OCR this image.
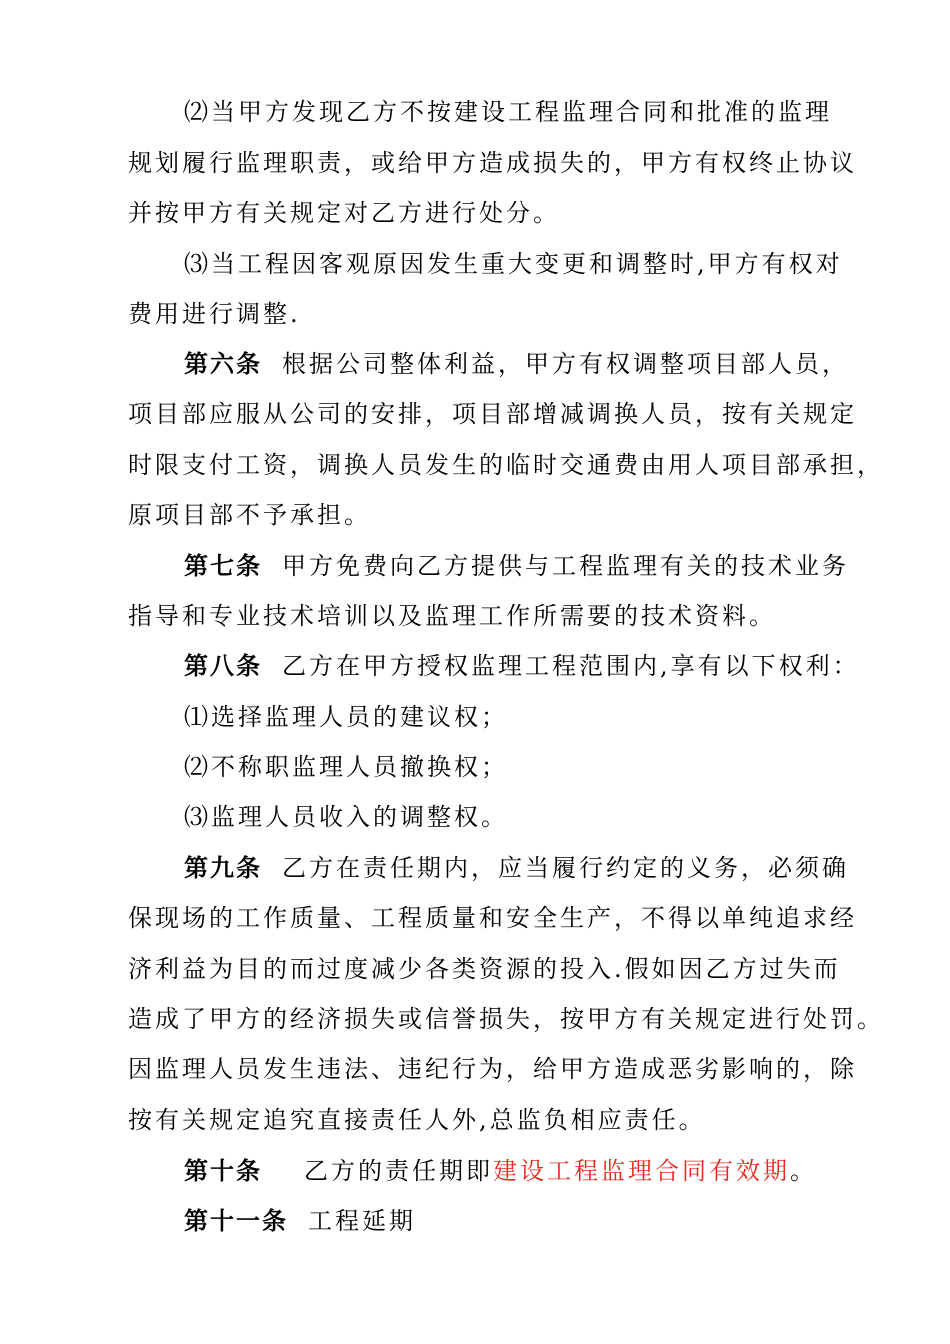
⑵当甲方发现乙方不按建设工程监理合同和批准的监理
规划履行监理职责，或给甲方造成损失的，甲方有权终止协议
并按甲方有关规定对乙方进行处分。
⑶当工程因客观原因发生重大变更和调整时,甲方有权对
费用进行调整.
第六条 根据公司整体利益，甲方有权调整项目部人员，
项目部应服从公司的安排，项目部增减调换人员，按有关规定
时限支付工资，调换人员发生的临时交通费由用人项目部承担，
原项目部不予承担。
第七条 甲方免费向乙方提供与工程监理有关的技术业务
指导和专业技术培训以及监理工作所需要的技术资料。
第八条 乙方在甲方授权监理工程范围内,享有以下权利：
⑴选择监理人员的建议权；
⑵不称职监理人员撤换权；
⑶监理人员收入的调整权。
第九条 乙方在责任期内，应当履行约定的义务，必须确
保现场的工作质量、工程质量和安全生产，不得以单纯追求经
济利益为目的而过度减少各类资源的投入.假如因乙方过失而
造成了甲方的经济损失或信誉损失，按甲方有关规定进行处罚。
因监理人员发生违法、违纪行为，给甲方造成恶劣影响的，除
按有关规定追究直接责任人外,总监负相应责任。
第十条 乙方的责任期即建设工程监理合同有效期。
第十一条 工程延期
